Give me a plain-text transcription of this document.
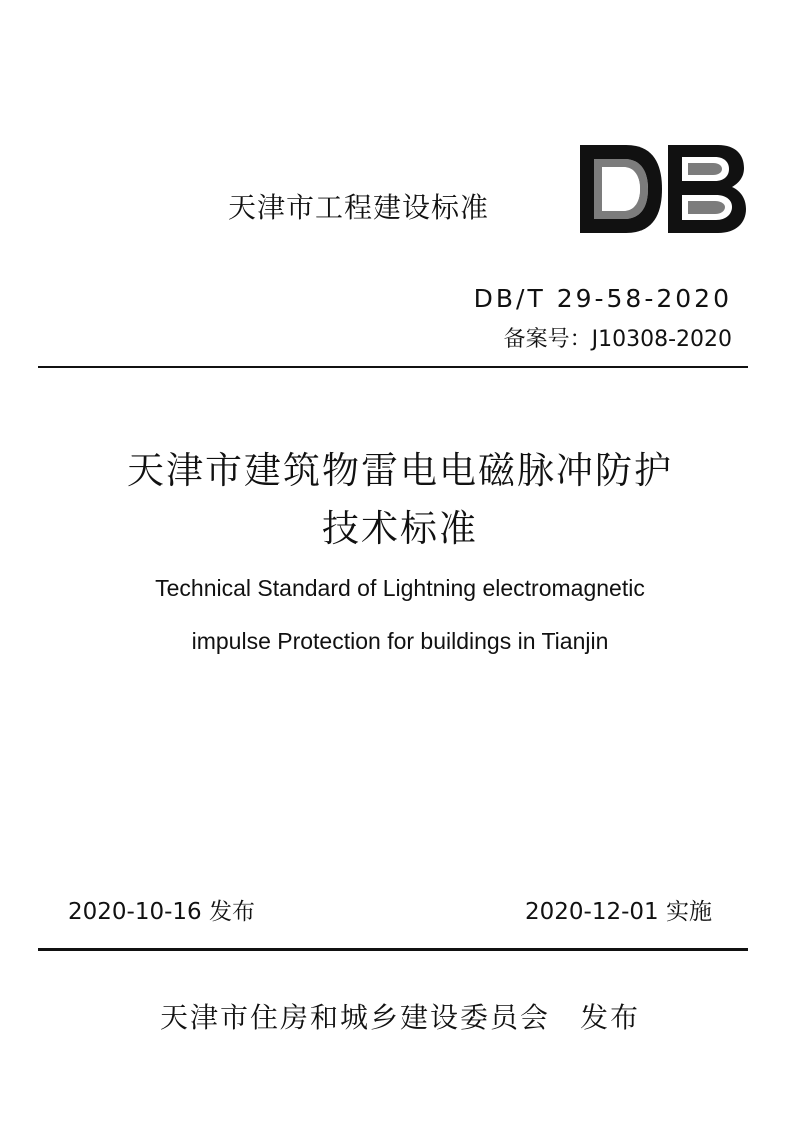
天津市工程建设标准
DB/T 29-58-2020
备案号：J10308-2020
天津市建筑物雷电电磁脉冲防护
技术标准
Technical Standard of Lightning electromagnetic
impulse Protection for buildings in Tianjin
2020-10-16 发布	2020-12-01 实施
天津市住房和城乡建设委员会　发布
